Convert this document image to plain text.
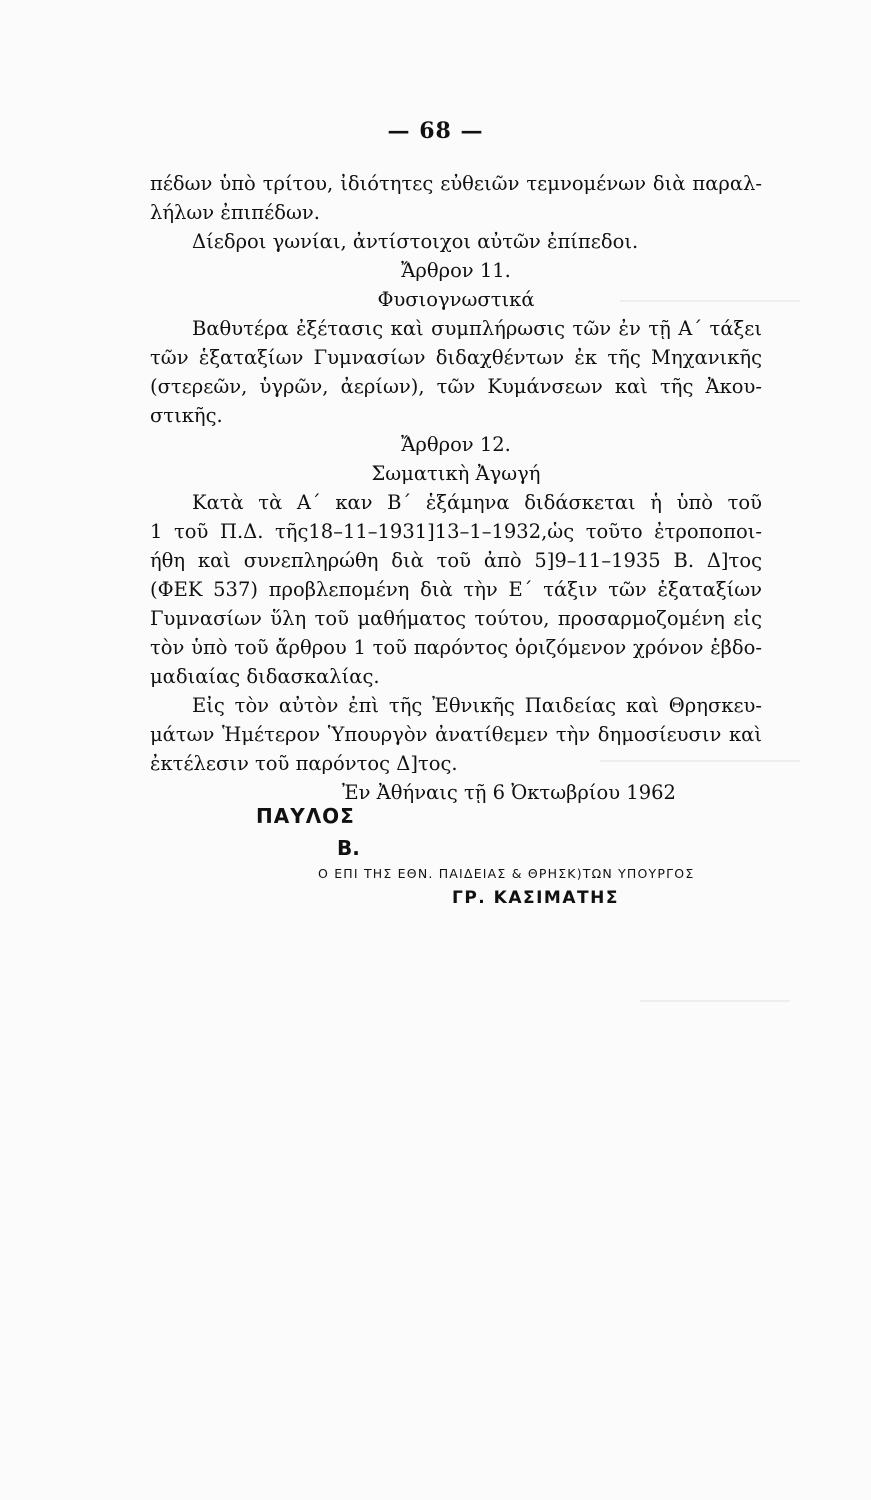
— 68 —
πέδων ὑπὸ τρίτου, ἰδιότητες εὐθειῶν τεμνομένων διὰ παραλ-
λήλων ἐπιπέδων.
Δίεδροι γωνίαι, ἀντίστοιχοι αὐτῶν ἐπίπεδοι.
Ἄρθρον 11.
Φυσιογνωστικά
Βαθυτέρα ἐξέτασις καὶ συμπλήρωσις τῶν ἐν τῇ Α΄ τάξει
τῶν ἑξαταξίων Γυμνασίων διδαχθέντων ἐκ τῆς Μηχανικῆς
(στερεῶν, ὑγρῶν, ἀερίων), τῶν Κυμάνσεων καὶ τῆς Ἀκου-
στικῆς.
Ἄρθρον 12.
Σωματικὴ Ἀγωγή
Κατὰ τὰ Α΄ καν Β΄ ἑξάμηνα διδάσκεται ἡ ὑπὸ τοῦ
1 τοῦ Π.Δ. τῆς18–11–1931]13–1–1932,ὡς τοῦτο ἐτροποποι-
ήθη καὶ συνεπληρώθη διὰ τοῦ ἀπὸ 5]9–11–1935 Β. Δ]τος
(ΦΕΚ 537) προβλεπομένη διὰ τὴν Ε΄ τάξιν τῶν ἑξαταξίων
Γυμνασίων ὕλη τοῦ μαθήματος τούτου, προσαρμοζομένη εἰς
τὸν ὑπὸ τοῦ ἄρθρου 1 τοῦ παρόντος ὁριζόμενον χρόνον ἑβδο-
μαδιαίας διδασκαλίας.
Εἰς τὸν αὐτὸν ἐπὶ τῆς Ἐθνικῆς Παιδείας καὶ Θρησκευ-
μάτων Ἡμέτερον Ὑπουργὸν ἀνατίθεμεν τὴν δημοσίευσιν καὶ
ἐκτέλεσιν τοῦ παρόντος Δ]τος.
Ἐν Ἀθήναις τῇ 6 Ὀκτωβρίου 1962
ΠΑΥΛΟΣ
Β.
Ο ΕΠΙ ΤΗΣ ΕΘΝ. ΠΑΙΔΕΙΑΣ & ΘΡΗΣΚ)ΤΩΝ ΥΠΟΥΡΓΟΣ
ΓΡ. ΚΑΣΙΜΑΤΗΣ
